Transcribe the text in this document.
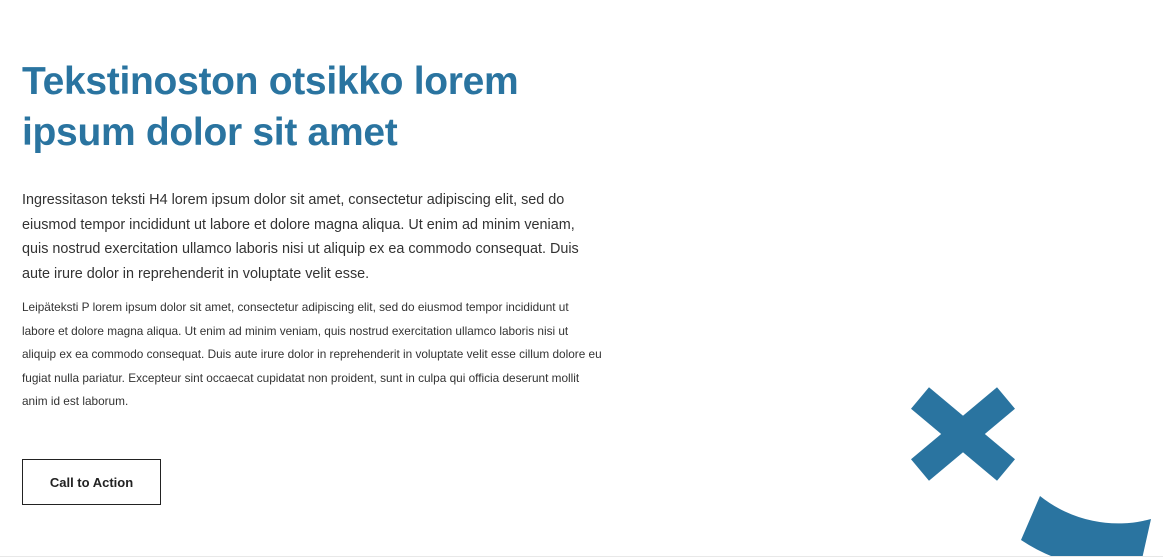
Tekstinoston otsikko lorem ipsum dolor sit amet

Ingressitason teksti H4 lorem ipsum dolor sit amet, consectetur adipiscing elit, sed do eiusmod tempor incididunt ut labore et dolore magna aliqua. Ut enim ad minim veniam, quis nostrud exercitation ullamco laboris nisi ut aliquip ex ea commodo consequat. Duis aute irure dolor in reprehenderit in voluptate velit esse.

Leipäteksti P lorem ipsum dolor sit amet, consectetur adipiscing elit, sed do eiusmod tempor incididunt ut labore et dolore magna aliqua. Ut enim ad minim veniam, quis nostrud exercitation ullamco laboris nisi ut aliquip ex ea commodo consequat. Duis aute irure dolor in reprehenderit in voluptate velit esse cillum dolore eu fugiat nulla pariatur. Excepteur sint occaecat cupidatat non proident, sunt in culpa qui officia deserunt mollit anim id est laborum.

Call to Action
